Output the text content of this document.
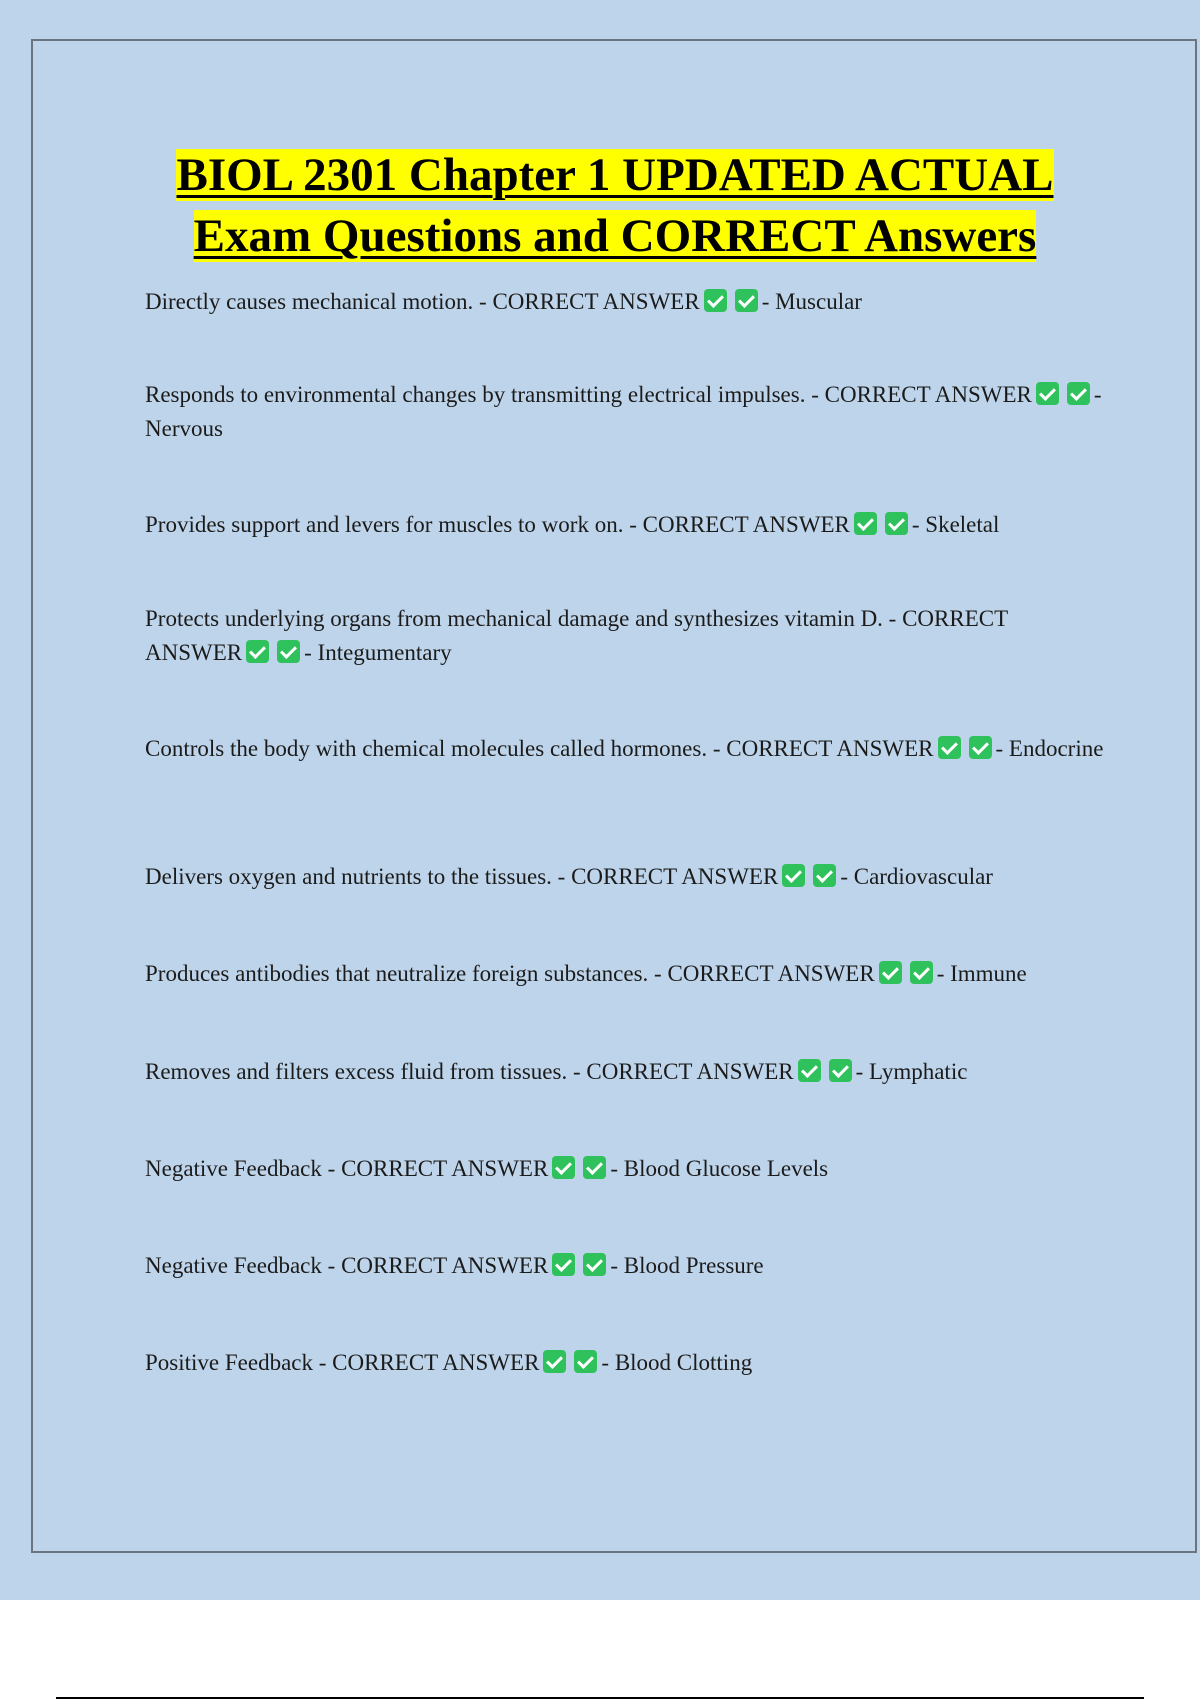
BIOL 2301 Chapter 1 UPDATED ACTUAL
Exam Questions and CORRECT Answers
Directly causes mechanical motion. - CORRECT ANSWER	- Muscular
Responds to environmental changes by transmitting electrical impulses. - CORRECT ANSWER	- Nervous
Provides support and levers for muscles to work on. - CORRECT ANSWER	- Skeletal
Protects underlying organs from mechanical damage and synthesizes vitamin D. - CORRECT ANSWER	- Integumentary
Controls the body with chemical molecules called hormones. - CORRECT ANSWER	- Endocrine
Delivers oxygen and nutrients to the tissues. - CORRECT ANSWER	- Cardiovascular
Produces antibodies that neutralize foreign substances. - CORRECT ANSWER	- Immune
Removes and filters excess fluid from tissues. - CORRECT ANSWER	- Lymphatic
Negative Feedback - CORRECT ANSWER	- Blood Glucose Levels
Negative Feedback - CORRECT ANSWER	- Blood Pressure
Positive Feedback - CORRECT ANSWER	- Blood Clotting
